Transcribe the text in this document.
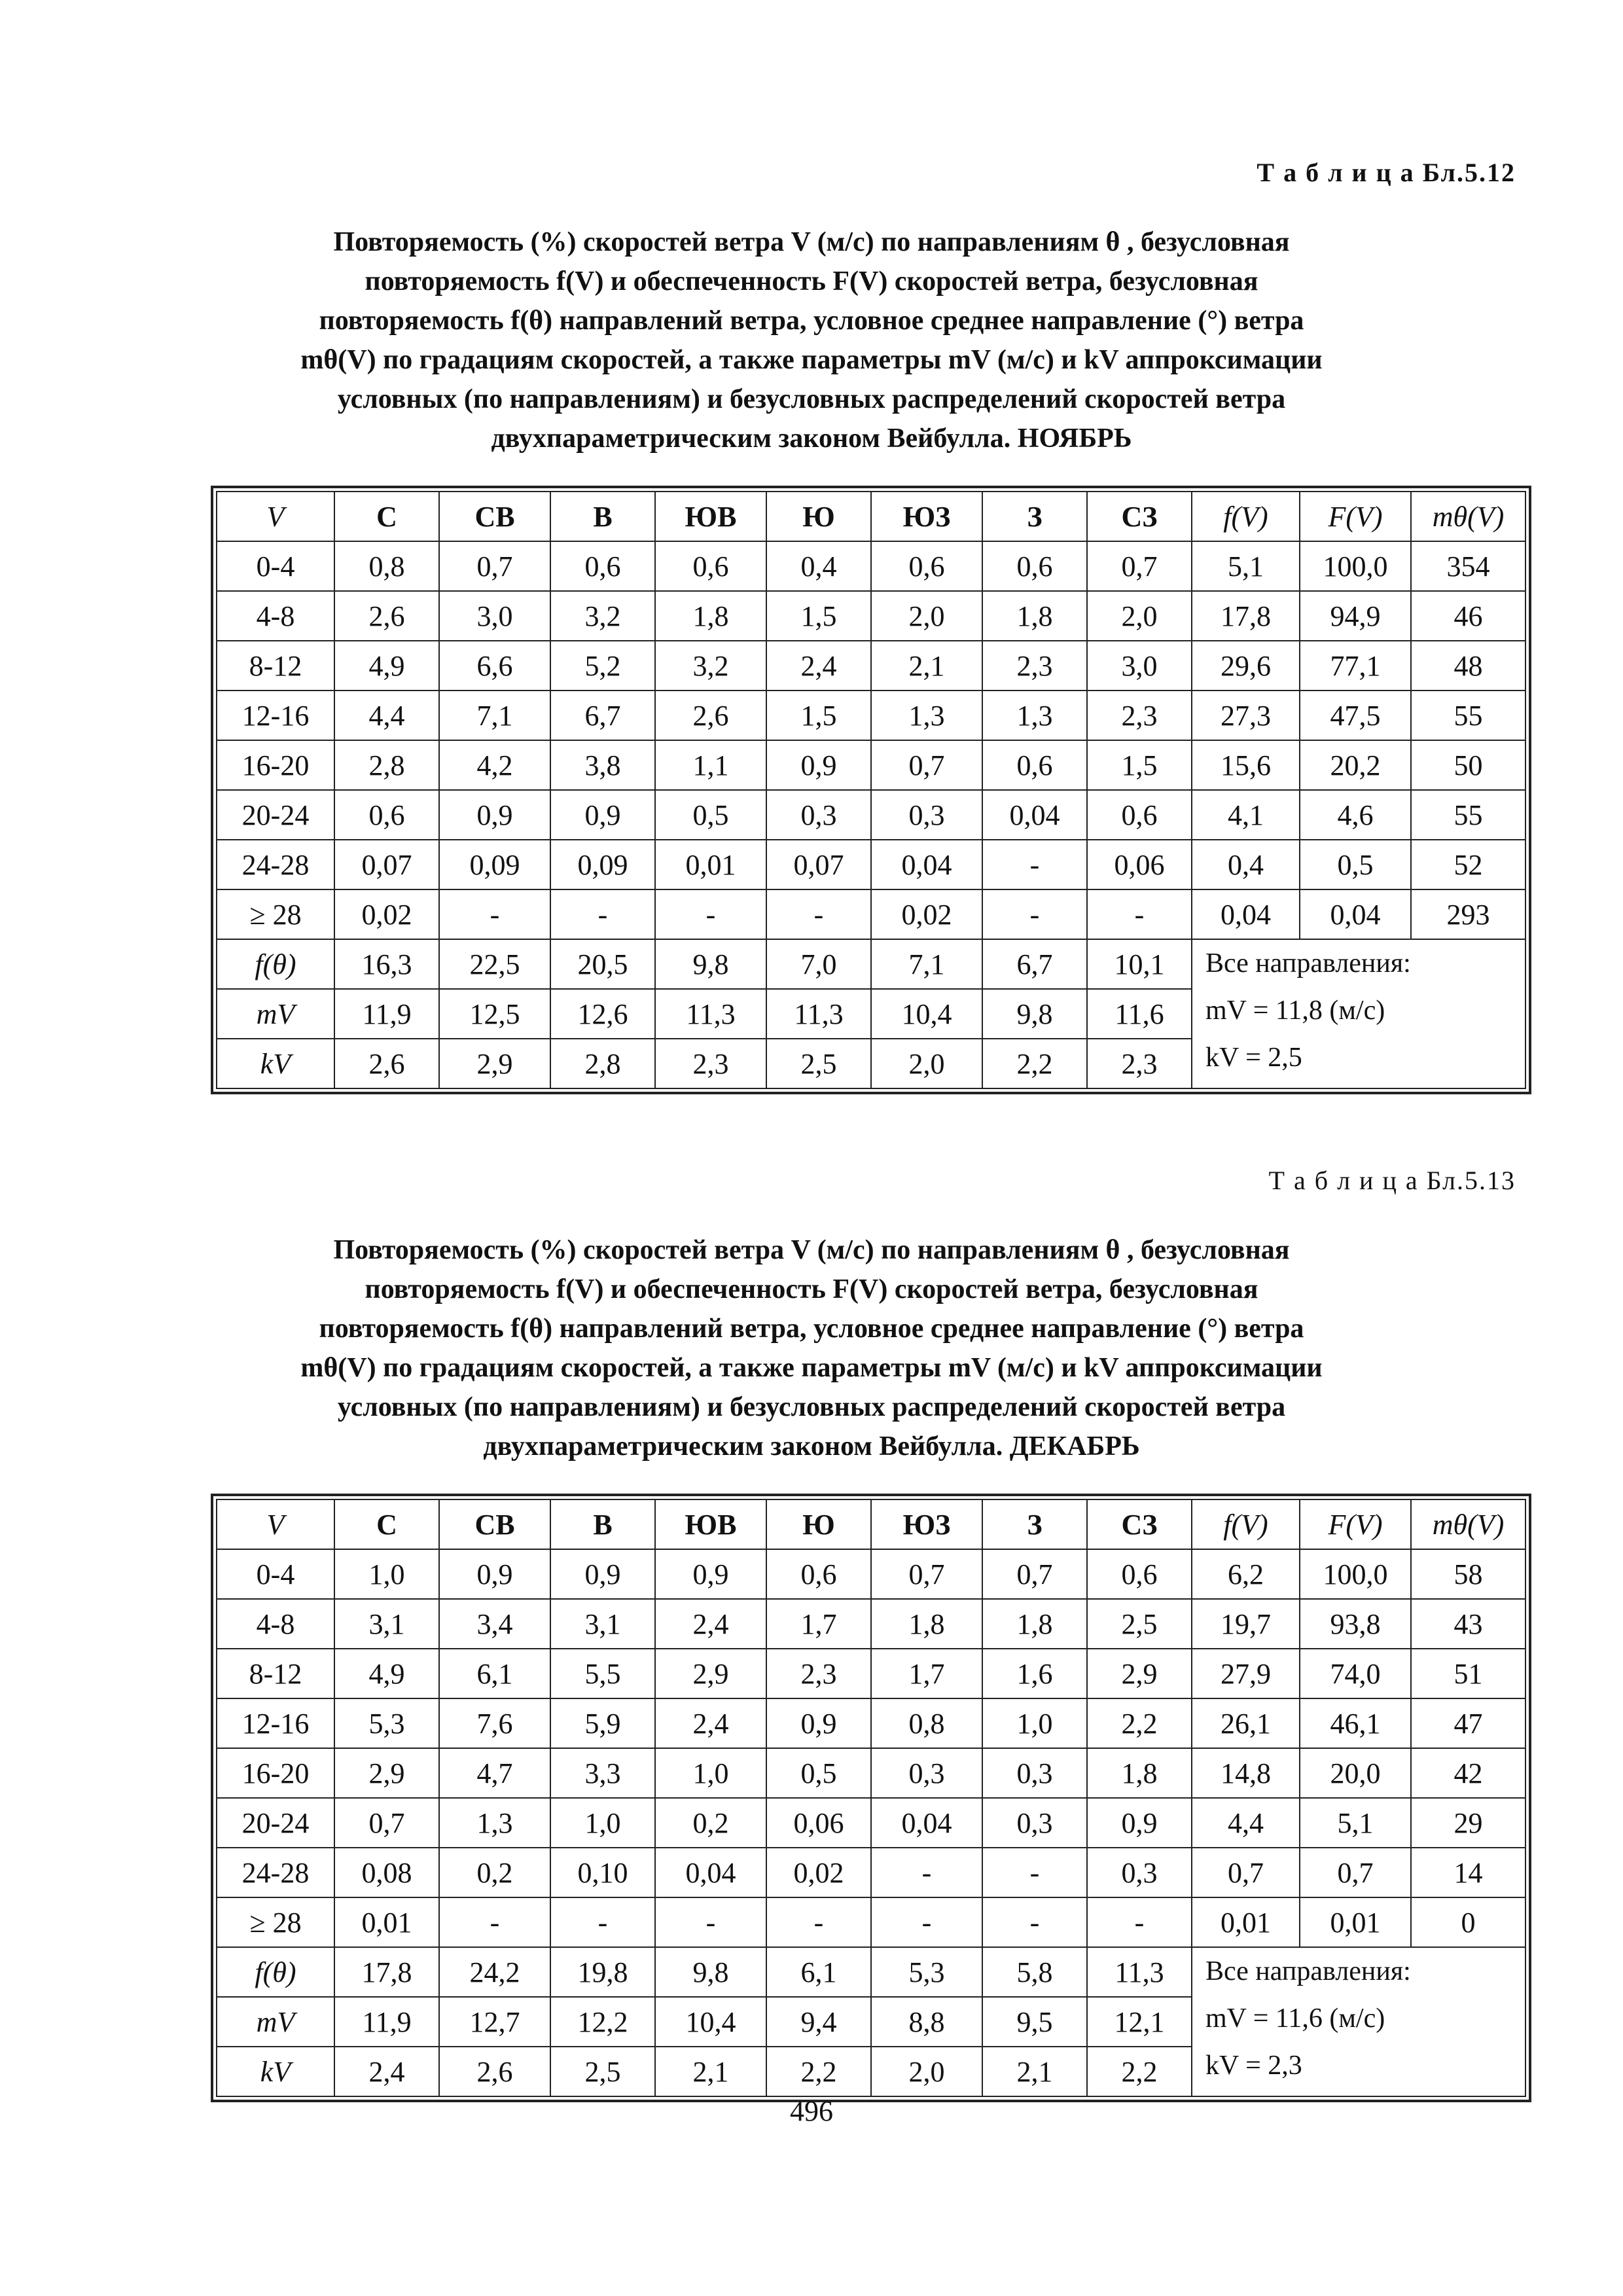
Т а б л и ц а Бл.5.12
Повторяемость (%) скоростей ветра V (м/с) по направлениям θ , безусловная
повторяемость f(V) и обеспеченность F(V) скоростей ветра, безусловная
повторяемость f(θ) направлений ветра, условное среднее направление (°) ветра
mθ(V) по градациям скоростей, а также параметры mV (м/с) и kV аппроксимации
условных (по направлениям) и безусловных распределений скоростей ветра
двухпараметрическим законом Вейбулла. НОЯБРЬ
V	С	СВ	В	ЮВ	Ю	ЮЗ	З	СЗ	f(V)	F(V)	mθ(V)
0-4	0,8	0,7	0,6	0,6	0,4	0,6	0,6	0,7	5,1	100,0	354
4-8	2,6	3,0	3,2	1,8	1,5	2,0	1,8	2,0	17,8	94,9	46
8-12	4,9	6,6	5,2	3,2	2,4	2,1	2,3	3,0	29,6	77,1	48
12-16	4,4	7,1	6,7	2,6	1,5	1,3	1,3	2,3	27,3	47,5	55
16-20	2,8	4,2	3,8	1,1	0,9	0,7	0,6	1,5	15,6	20,2	50
20-24	0,6	0,9	0,9	0,5	0,3	0,3	0,04	0,6	4,1	4,6	55
24-28	0,07	0,09	0,09	0,01	0,07	0,04	-	0,06	0,4	0,5	52
≥ 28	0,02	-	-	-	-	0,02	-	-	0,04	0,04	293
f(θ)	16,3	22,5	20,5	9,8	7,0	7,1	6,7	10,1	Все направления:
mV = 11,8 (м/с)
kV = 2,5		

mV	11,9	12,5	12,6	11,3	11,3	10,4	9,8	11,6			
kV	2,6	2,9	2,8	2,3	2,5	2,0	2,2	2,3			
Т а б л и ц а Бл.5.13
Повторяемость (%) скоростей ветра V (м/с) по направлениям θ , безусловная
повторяемость f(V) и обеспеченность F(V) скоростей ветра, безусловная
повторяемость f(θ) направлений ветра, условное среднее направление (°) ветра
mθ(V) по градациям скоростей, а также параметры mV (м/с) и kV аппроксимации
условных (по направлениям) и безусловных распределений скоростей ветра
двухпараметрическим законом Вейбулла. ДЕКАБРЬ
V	С	СВ	В	ЮВ	Ю	ЮЗ	З	СЗ	f(V)	F(V)	mθ(V)
0-4	1,0	0,9	0,9	0,9	0,6	0,7	0,7	0,6	6,2	100,0	58
4-8	3,1	3,4	3,1	2,4	1,7	1,8	1,8	2,5	19,7	93,8	43
8-12	4,9	6,1	5,5	2,9	2,3	1,7	1,6	2,9	27,9	74,0	51
12-16	5,3	7,6	5,9	2,4	0,9	0,8	1,0	2,2	26,1	46,1	47
16-20	2,9	4,7	3,3	1,0	0,5	0,3	0,3	1,8	14,8	20,0	42
20-24	0,7	1,3	1,0	0,2	0,06	0,04	0,3	0,9	4,4	5,1	29
24-28	0,08	0,2	0,10	0,04	0,02	-	-	0,3	0,7	0,7	14
≥ 28	0,01	-	-	-	-	-	-	-	0,01	0,01	0
f(θ)	17,8	24,2	19,8	9,8	6,1	5,3	5,8	11,3	Все направления:
mV = 11,6 (м/с)
kV = 2,3		

mV	11,9	12,7	12,2	10,4	9,4	8,8	9,5	12,1			
kV	2,4	2,6	2,5	2,1	2,2	2,0	2,1	2,2			
496
